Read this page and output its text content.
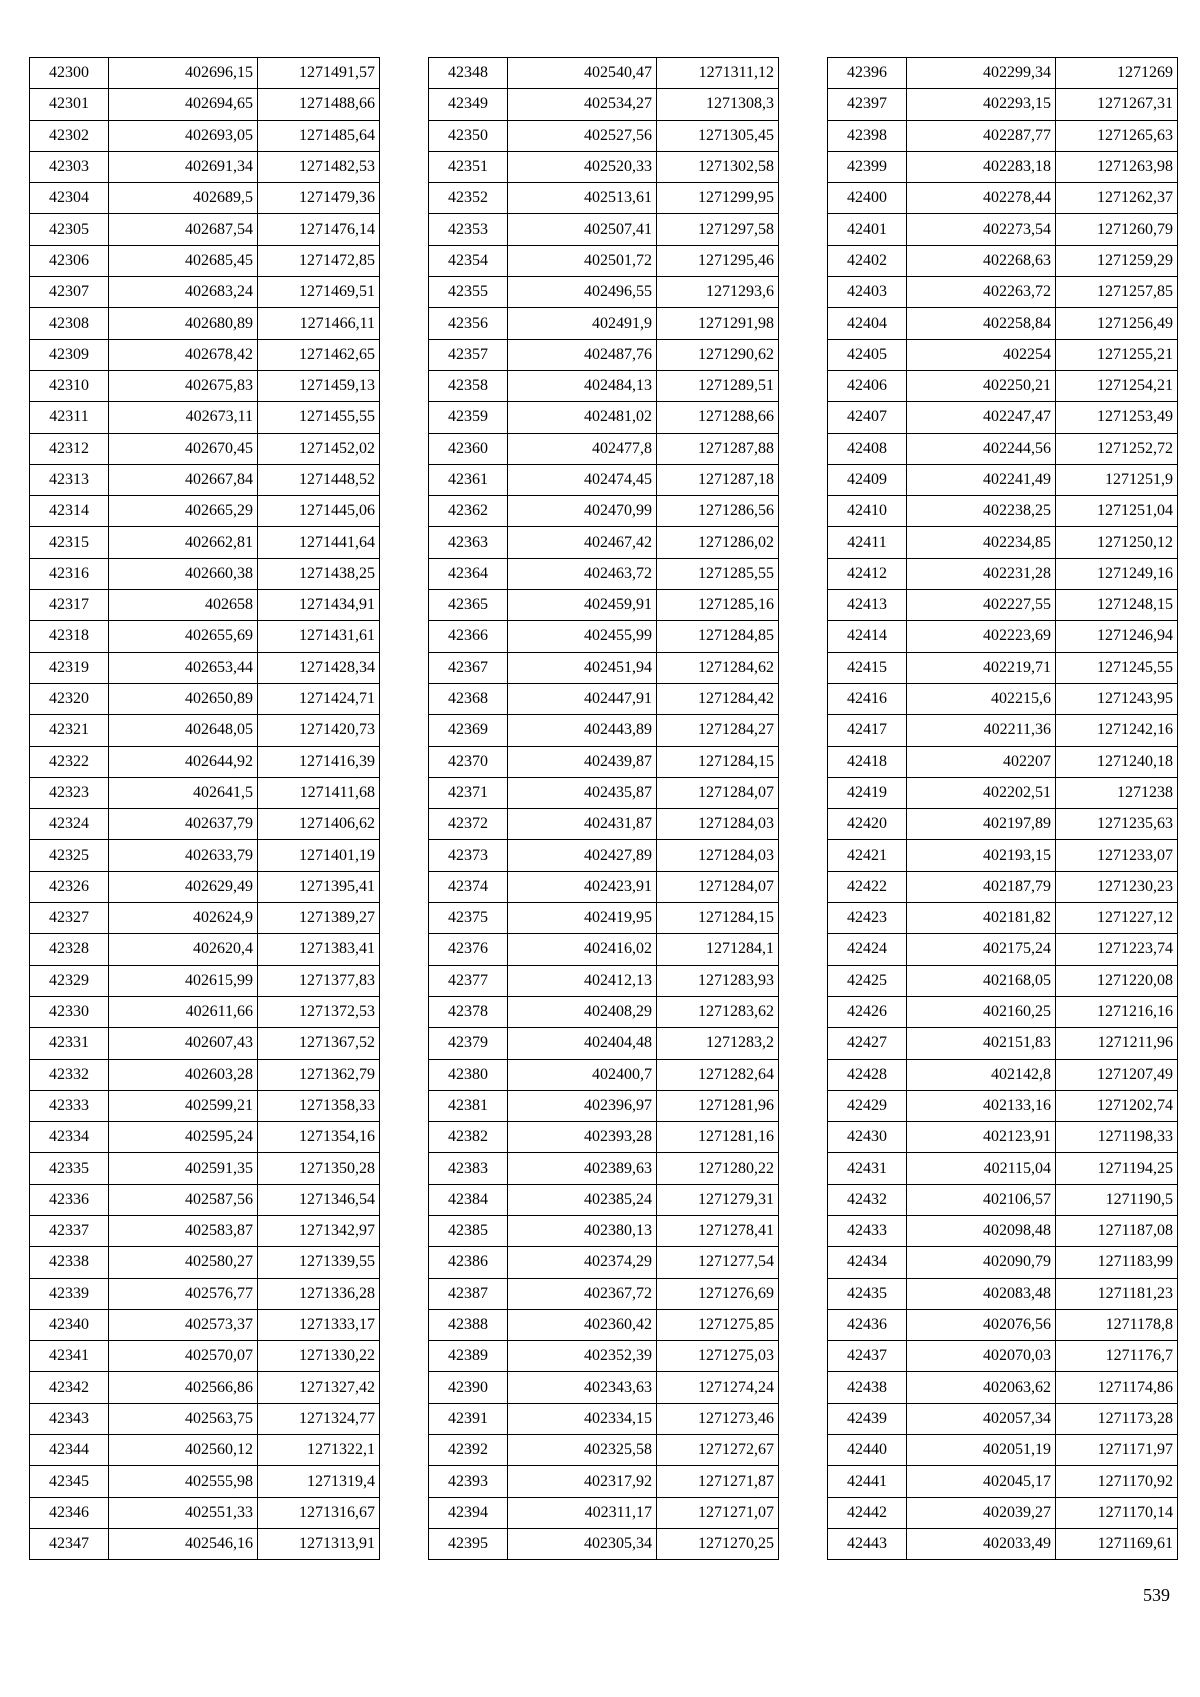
42300	402696,15	1271491,57
42301	402694,65	1271488,66
42302	402693,05	1271485,64
42303	402691,34	1271482,53
42304	402689,5	1271479,36
42305	402687,54	1271476,14
42306	402685,45	1271472,85
42307	402683,24	1271469,51
42308	402680,89	1271466,11
42309	402678,42	1271462,65
42310	402675,83	1271459,13
42311	402673,11	1271455,55
42312	402670,45	1271452,02
42313	402667,84	1271448,52
42314	402665,29	1271445,06
42315	402662,81	1271441,64
42316	402660,38	1271438,25
42317	402658	1271434,91
42318	402655,69	1271431,61
42319	402653,44	1271428,34
42320	402650,89	1271424,71
42321	402648,05	1271420,73
42322	402644,92	1271416,39
42323	402641,5	1271411,68
42324	402637,79	1271406,62
42325	402633,79	1271401,19
42326	402629,49	1271395,41
42327	402624,9	1271389,27
42328	402620,4	1271383,41
42329	402615,99	1271377,83
42330	402611,66	1271372,53
42331	402607,43	1271367,52
42332	402603,28	1271362,79
42333	402599,21	1271358,33
42334	402595,24	1271354,16
42335	402591,35	1271350,28
42336	402587,56	1271346,54
42337	402583,87	1271342,97
42338	402580,27	1271339,55
42339	402576,77	1271336,28
42340	402573,37	1271333,17
42341	402570,07	1271330,22
42342	402566,86	1271327,42
42343	402563,75	1271324,77
42344	402560,12	1271322,1
42345	402555,98	1271319,4
42346	402551,33	1271316,67
42347	402546,16	1271313,91
42348	402540,47	1271311,12
42349	402534,27	1271308,3
42350	402527,56	1271305,45
42351	402520,33	1271302,58
42352	402513,61	1271299,95
42353	402507,41	1271297,58
42354	402501,72	1271295,46
42355	402496,55	1271293,6
42356	402491,9	1271291,98
42357	402487,76	1271290,62
42358	402484,13	1271289,51
42359	402481,02	1271288,66
42360	402477,8	1271287,88
42361	402474,45	1271287,18
42362	402470,99	1271286,56
42363	402467,42	1271286,02
42364	402463,72	1271285,55
42365	402459,91	1271285,16
42366	402455,99	1271284,85
42367	402451,94	1271284,62
42368	402447,91	1271284,42
42369	402443,89	1271284,27
42370	402439,87	1271284,15
42371	402435,87	1271284,07
42372	402431,87	1271284,03
42373	402427,89	1271284,03
42374	402423,91	1271284,07
42375	402419,95	1271284,15
42376	402416,02	1271284,1
42377	402412,13	1271283,93
42378	402408,29	1271283,62
42379	402404,48	1271283,2
42380	402400,7	1271282,64
42381	402396,97	1271281,96
42382	402393,28	1271281,16
42383	402389,63	1271280,22
42384	402385,24	1271279,31
42385	402380,13	1271278,41
42386	402374,29	1271277,54
42387	402367,72	1271276,69
42388	402360,42	1271275,85
42389	402352,39	1271275,03
42390	402343,63	1271274,24
42391	402334,15	1271273,46
42392	402325,58	1271272,67
42393	402317,92	1271271,87
42394	402311,17	1271271,07
42395	402305,34	1271270,25
42396	402299,34	1271269
42397	402293,15	1271267,31
42398	402287,77	1271265,63
42399	402283,18	1271263,98
42400	402278,44	1271262,37
42401	402273,54	1271260,79
42402	402268,63	1271259,29
42403	402263,72	1271257,85
42404	402258,84	1271256,49
42405	402254	1271255,21
42406	402250,21	1271254,21
42407	402247,47	1271253,49
42408	402244,56	1271252,72
42409	402241,49	1271251,9
42410	402238,25	1271251,04
42411	402234,85	1271250,12
42412	402231,28	1271249,16
42413	402227,55	1271248,15
42414	402223,69	1271246,94
42415	402219,71	1271245,55
42416	402215,6	1271243,95
42417	402211,36	1271242,16
42418	402207	1271240,18
42419	402202,51	1271238
42420	402197,89	1271235,63
42421	402193,15	1271233,07
42422	402187,79	1271230,23
42423	402181,82	1271227,12
42424	402175,24	1271223,74
42425	402168,05	1271220,08
42426	402160,25	1271216,16
42427	402151,83	1271211,96
42428	402142,8	1271207,49
42429	402133,16	1271202,74
42430	402123,91	1271198,33
42431	402115,04	1271194,25
42432	402106,57	1271190,5
42433	402098,48	1271187,08
42434	402090,79	1271183,99
42435	402083,48	1271181,23
42436	402076,56	1271178,8
42437	402070,03	1271176,7
42438	402063,62	1271174,86
42439	402057,34	1271173,28
42440	402051,19	1271171,97
42441	402045,17	1271170,92
42442	402039,27	1271170,14
42443	402033,49	1271169,61
539
